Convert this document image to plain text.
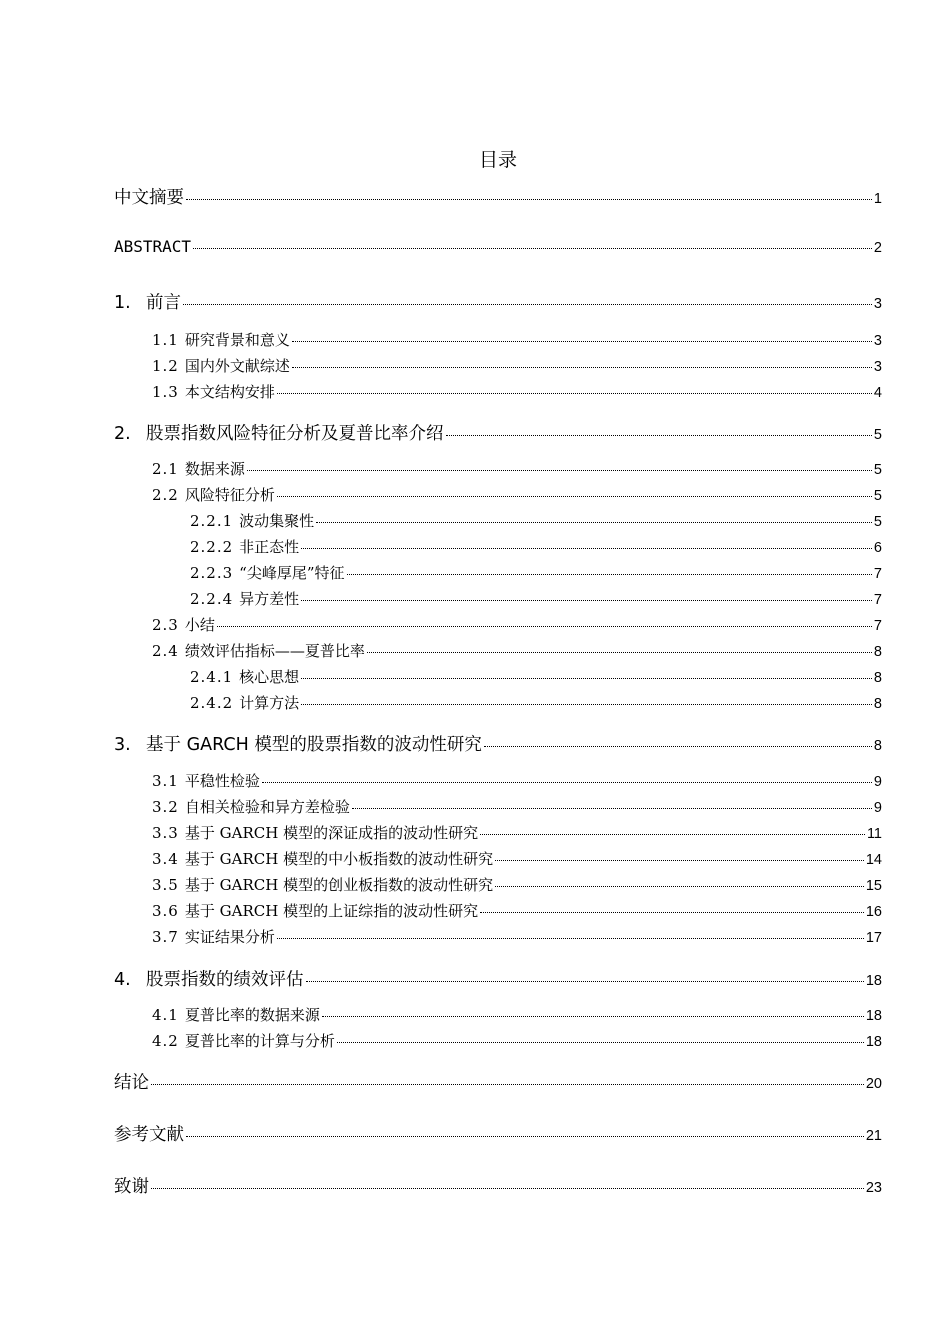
目录
中文摘要	1
ABSTRACT	2
1. 前言	3
1.1 研究背景和意义	3
1.2 国内外文献综述	3
1.3 本文结构安排	4
2. 股票指数风险特征分析及夏普比率介绍	5
2.1 数据来源	5
2.2 风险特征分析	5
2.2.1 波动集聚性	5
2.2.2 非正态性	6
2.2.3 “尖峰厚尾”特征	7
2.2.4 异方差性	7
2.3 小结	7
2.4 绩效评估指标——夏普比率	8
2.4.1 核心思想	8
2.4.2 计算方法	8
3. 基于 GARCH 模型的股票指数的波动性研究	8
3.1 平稳性检验	9
3.2 自相关检验和异方差检验	9
3.3 基于 GARCH 模型的深证成指的波动性研究	11
3.4 基于 GARCH 模型的中小板指数的波动性研究	14
3.5 基于 GARCH 模型的创业板指数的波动性研究	15
3.6 基于 GARCH 模型的上证综指的波动性研究	16
3.7 实证结果分析	17
4. 股票指数的绩效评估	18
4.1 夏普比率的数据来源	18
4.2 夏普比率的计算与分析	18
结论	20
参考文献	21
致谢	23
